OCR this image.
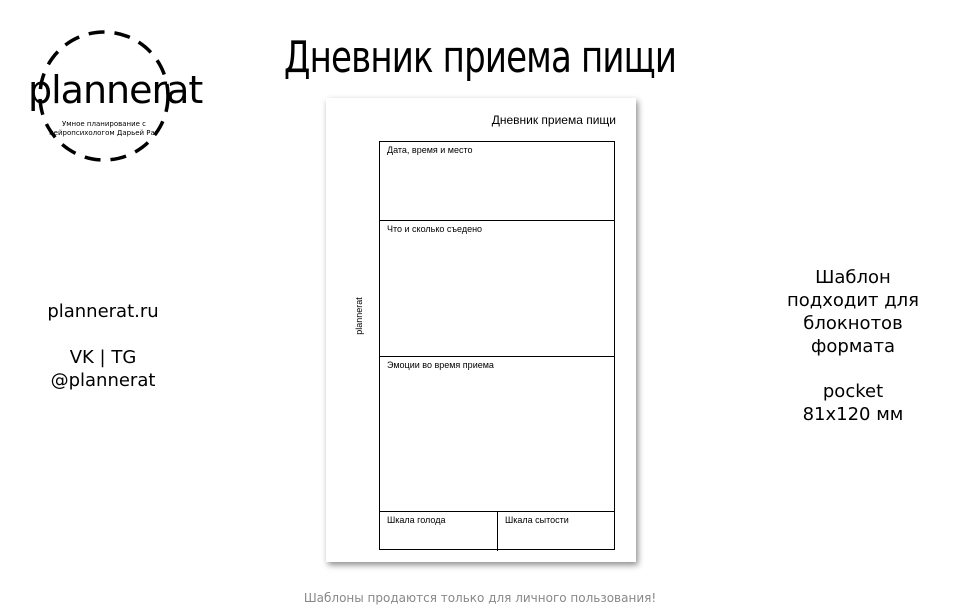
plannerat
Умное планирование с нейропсихологом Дарьей Рат
Дневник приема пищи
plannerat.ru
VK | TG
@plannerat
Дневник приема пищи
plannerat
Дата, время и место
Что и сколько съедено
Эмоции во время приема
Шкала голода	Шкала сытости
Шаблон
подходит для
блокнотов
формата
pocket
81х120 мм
Шаблоны продаются только для личного пользования!
